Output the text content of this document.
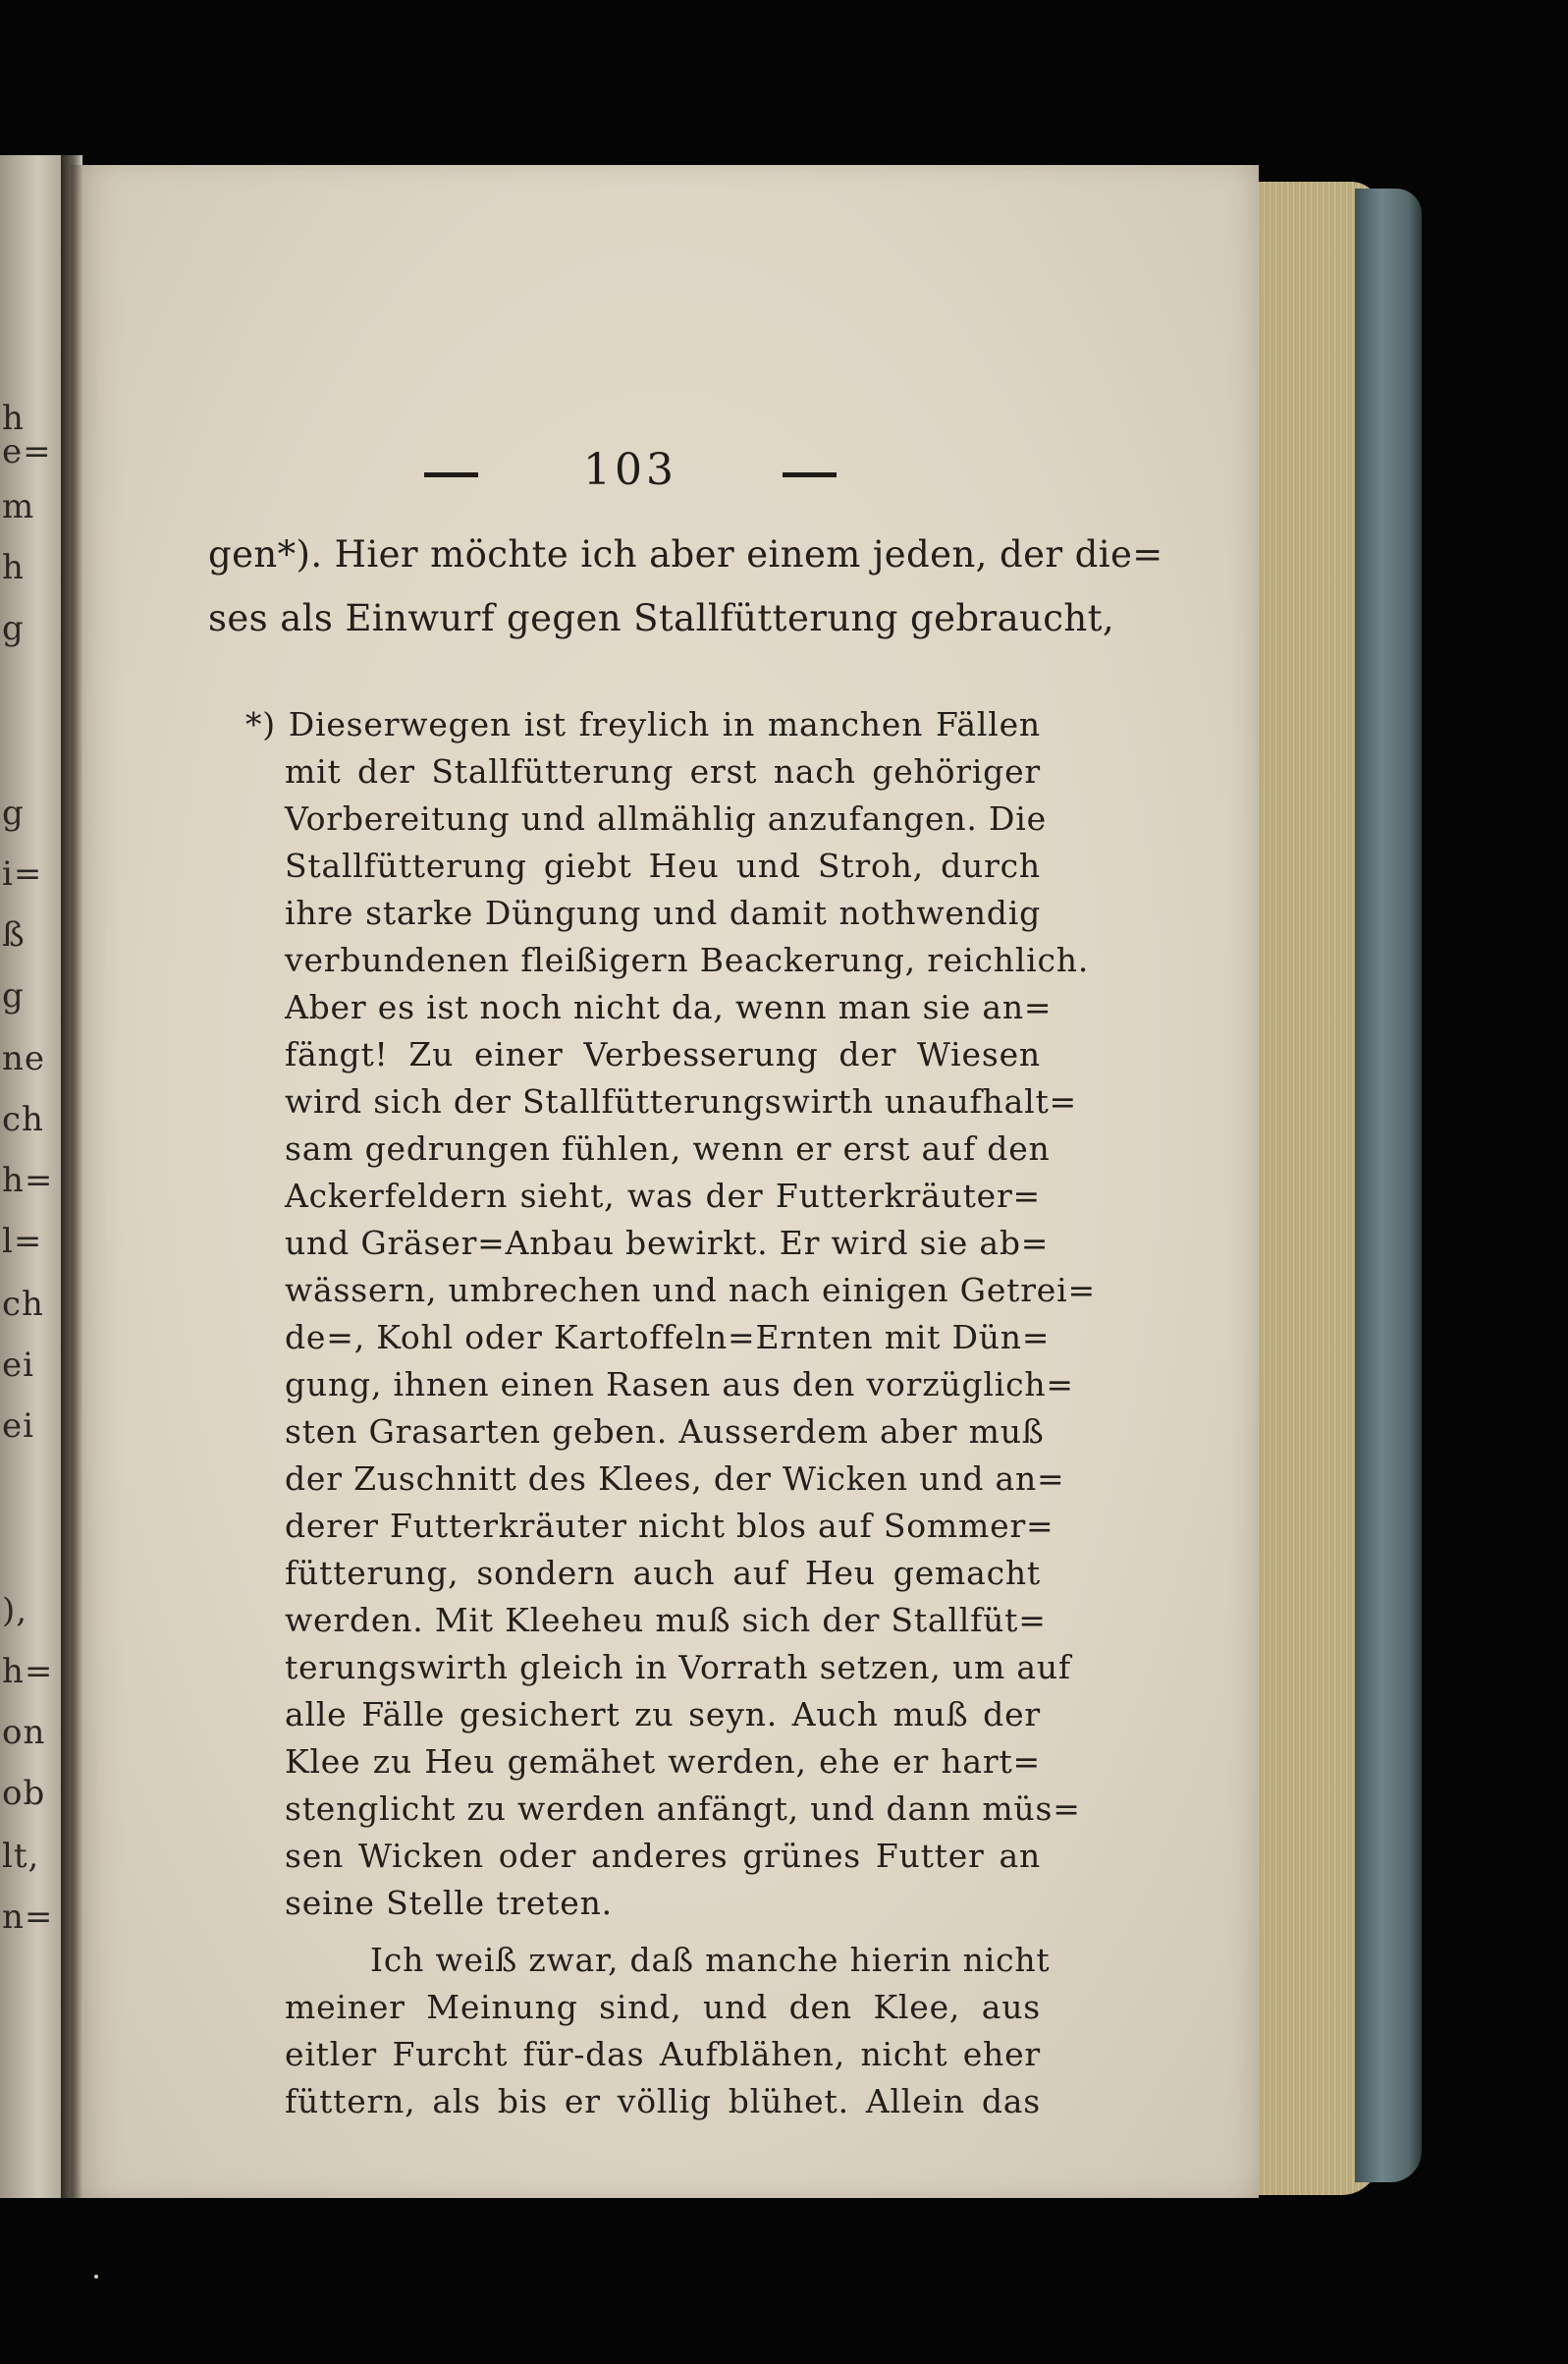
h
e=
m
h
g
g
i=
ß
g
ne
ch
h=
l=
ch
ei
ei
),
h=
on
ob
lt,
n=
103
gen*). Hier möchte ich aber einem jeden, der die=
ses als Einwurf gegen Stallfütterung gebraucht,
*) Dieserwegen ist freylich in manchen Fällen
mit der Stallfütterung erst nach gehöriger
Vorbereitung und allmählig anzufangen. Die
Stallfütterung giebt Heu und Stroh, durch
ihre starke Düngung und damit nothwendig
verbundenen fleißigern Beackerung, reichlich.
Aber es ist noch nicht da, wenn man sie an=
fängt! Zu einer Verbesserung der Wiesen
wird sich der Stallfütterungswirth unaufhalt=
sam gedrungen fühlen, wenn er erst auf den
Ackerfeldern sieht, was der Futterkräuter=
und Gräser=Anbau bewirkt. Er wird sie ab=
wässern, umbrechen und nach einigen Getrei=
de=, Kohl oder Kartoffeln=Ernten mit Dün=
gung, ihnen einen Rasen aus den vorzüglich=
sten Grasarten geben. Ausserdem aber muß
der Zuschnitt des Klees, der Wicken und an=
derer Futterkräuter nicht blos auf Sommer=
fütterung, sondern auch auf Heu gemacht
werden. Mit Kleeheu muß sich der Stallfüt=
terungswirth gleich in Vorrath setzen, um auf
alle Fälle gesichert zu seyn. Auch muß der
Klee zu Heu gemähet werden, ehe er hart=
stenglicht zu werden anfängt, und dann müs=
sen Wicken oder anderes grünes Futter an
seine Stelle treten.
Ich weiß zwar, daß manche hierin nicht
meiner Meinung sind, und den Klee, aus
eitler Furcht für-das Aufblähen, nicht eher
füttern, als bis er völlig blühet. Allein das
